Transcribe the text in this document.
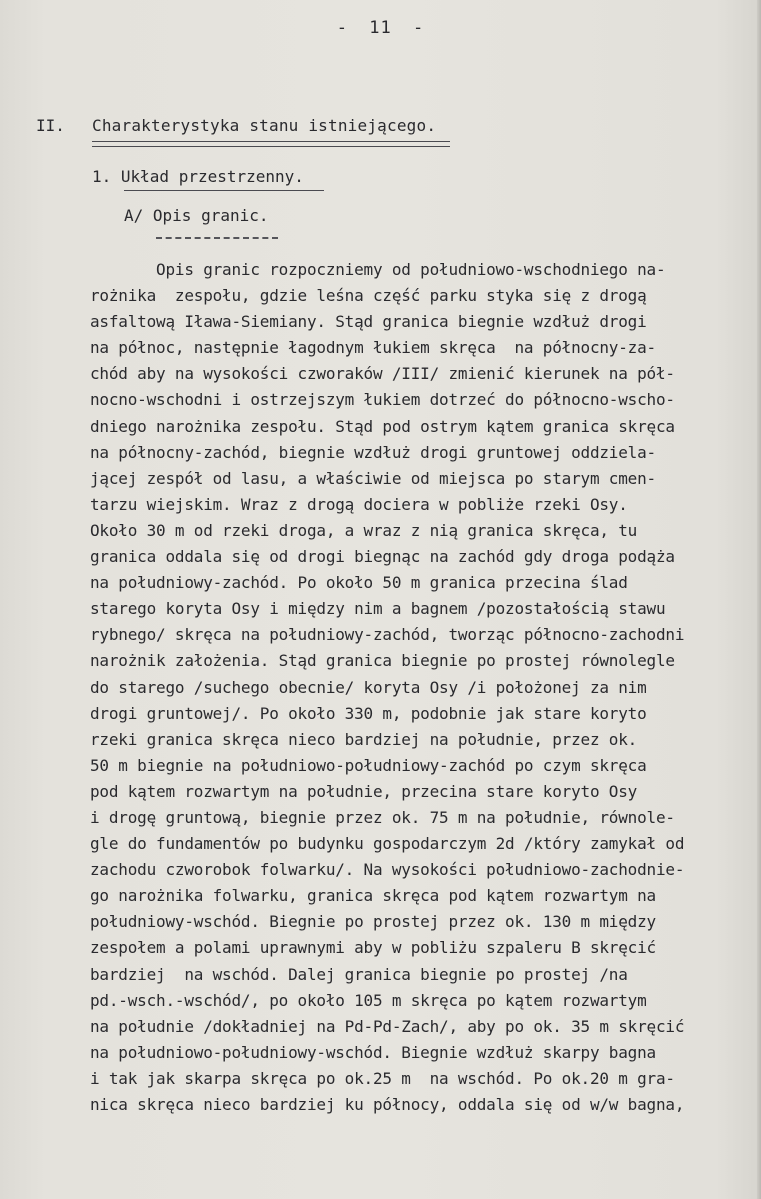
- 11 -
II. Charakterystyka stanu istniejącego.
1. Układ przestrzenny.
A/ Opis granic.
Opis granic rozpoczniemy od południowo-wschodniego na-
rożnika  zespołu, gdzie leśna część parku styka się z drogą
asfaltową Iława-Siemiany. Stąd granica biegnie wzdłuż drogi
na północ, następnie łagodnym łukiem skręca  na północny-za-
chód aby na wysokości czworaków /III/ zmienić kierunek na pół-
nocno-wschodni i ostrzejszym łukiem dotrzeć do północno-wscho-
dniego narożnika zespołu. Stąd pod ostrym kątem granica skręca
na północny-zachód, biegnie wzdłuż drogi gruntowej oddziela-
jącej zespół od lasu, a właściwie od miejsca po starym cmen-
tarzu wiejskim. Wraz z drogą dociera w pobliże rzeki Osy.
Około 30 m od rzeki droga, a wraz z nią granica skręca, tu
granica oddala się od drogi biegnąc na zachód gdy droga podąża
na południowy-zachód. Po około 50 m granica przecina ślad
starego koryta Osy i między nim a bagnem /pozostałością stawu
rybnego/ skręca na południowy-zachód, tworząc północno-zachodni
narożnik założenia. Stąd granica biegnie po prostej równolegle
do starego /suchego obecnie/ koryta Osy /i położonej za nim
drogi gruntowej/. Po około 330 m, podobnie jak stare koryto
rzeki granica skręca nieco bardziej na południe, przez ok.
50 m biegnie na południowo-południowy-zachód po czym skręca
pod kątem rozwartym na południe, przecina stare koryto Osy
i drogę gruntową, biegnie przez ok. 75 m na południe, równole-
gle do fundamentów po budynku gospodarczym 2d /który zamykał od
zachodu czworobok folwarku/. Na wysokości południowo-zachodnie-
go narożnika folwarku, granica skręca pod kątem rozwartym na
południowy-wschód. Biegnie po prostej przez ok. 130 m między
zespołem a polami uprawnymi aby w pobliżu szpaleru B skręcić
bardziej  na wschód. Dalej granica biegnie po prostej /na
pd.-wsch.-wschód/, po około 105 m skręca po kątem rozwartym
na południe /dokładniej na Pd-Pd-Zach/, aby po ok. 35 m skręcić
na południowo-południowy-wschód. Biegnie wzdłuż skarpy bagna
i tak jak skarpa skręca po ok.25 m  na wschód. Po ok.20 m gra-
nica skręca nieco bardziej ku północy, oddala się od w/w bagna,
